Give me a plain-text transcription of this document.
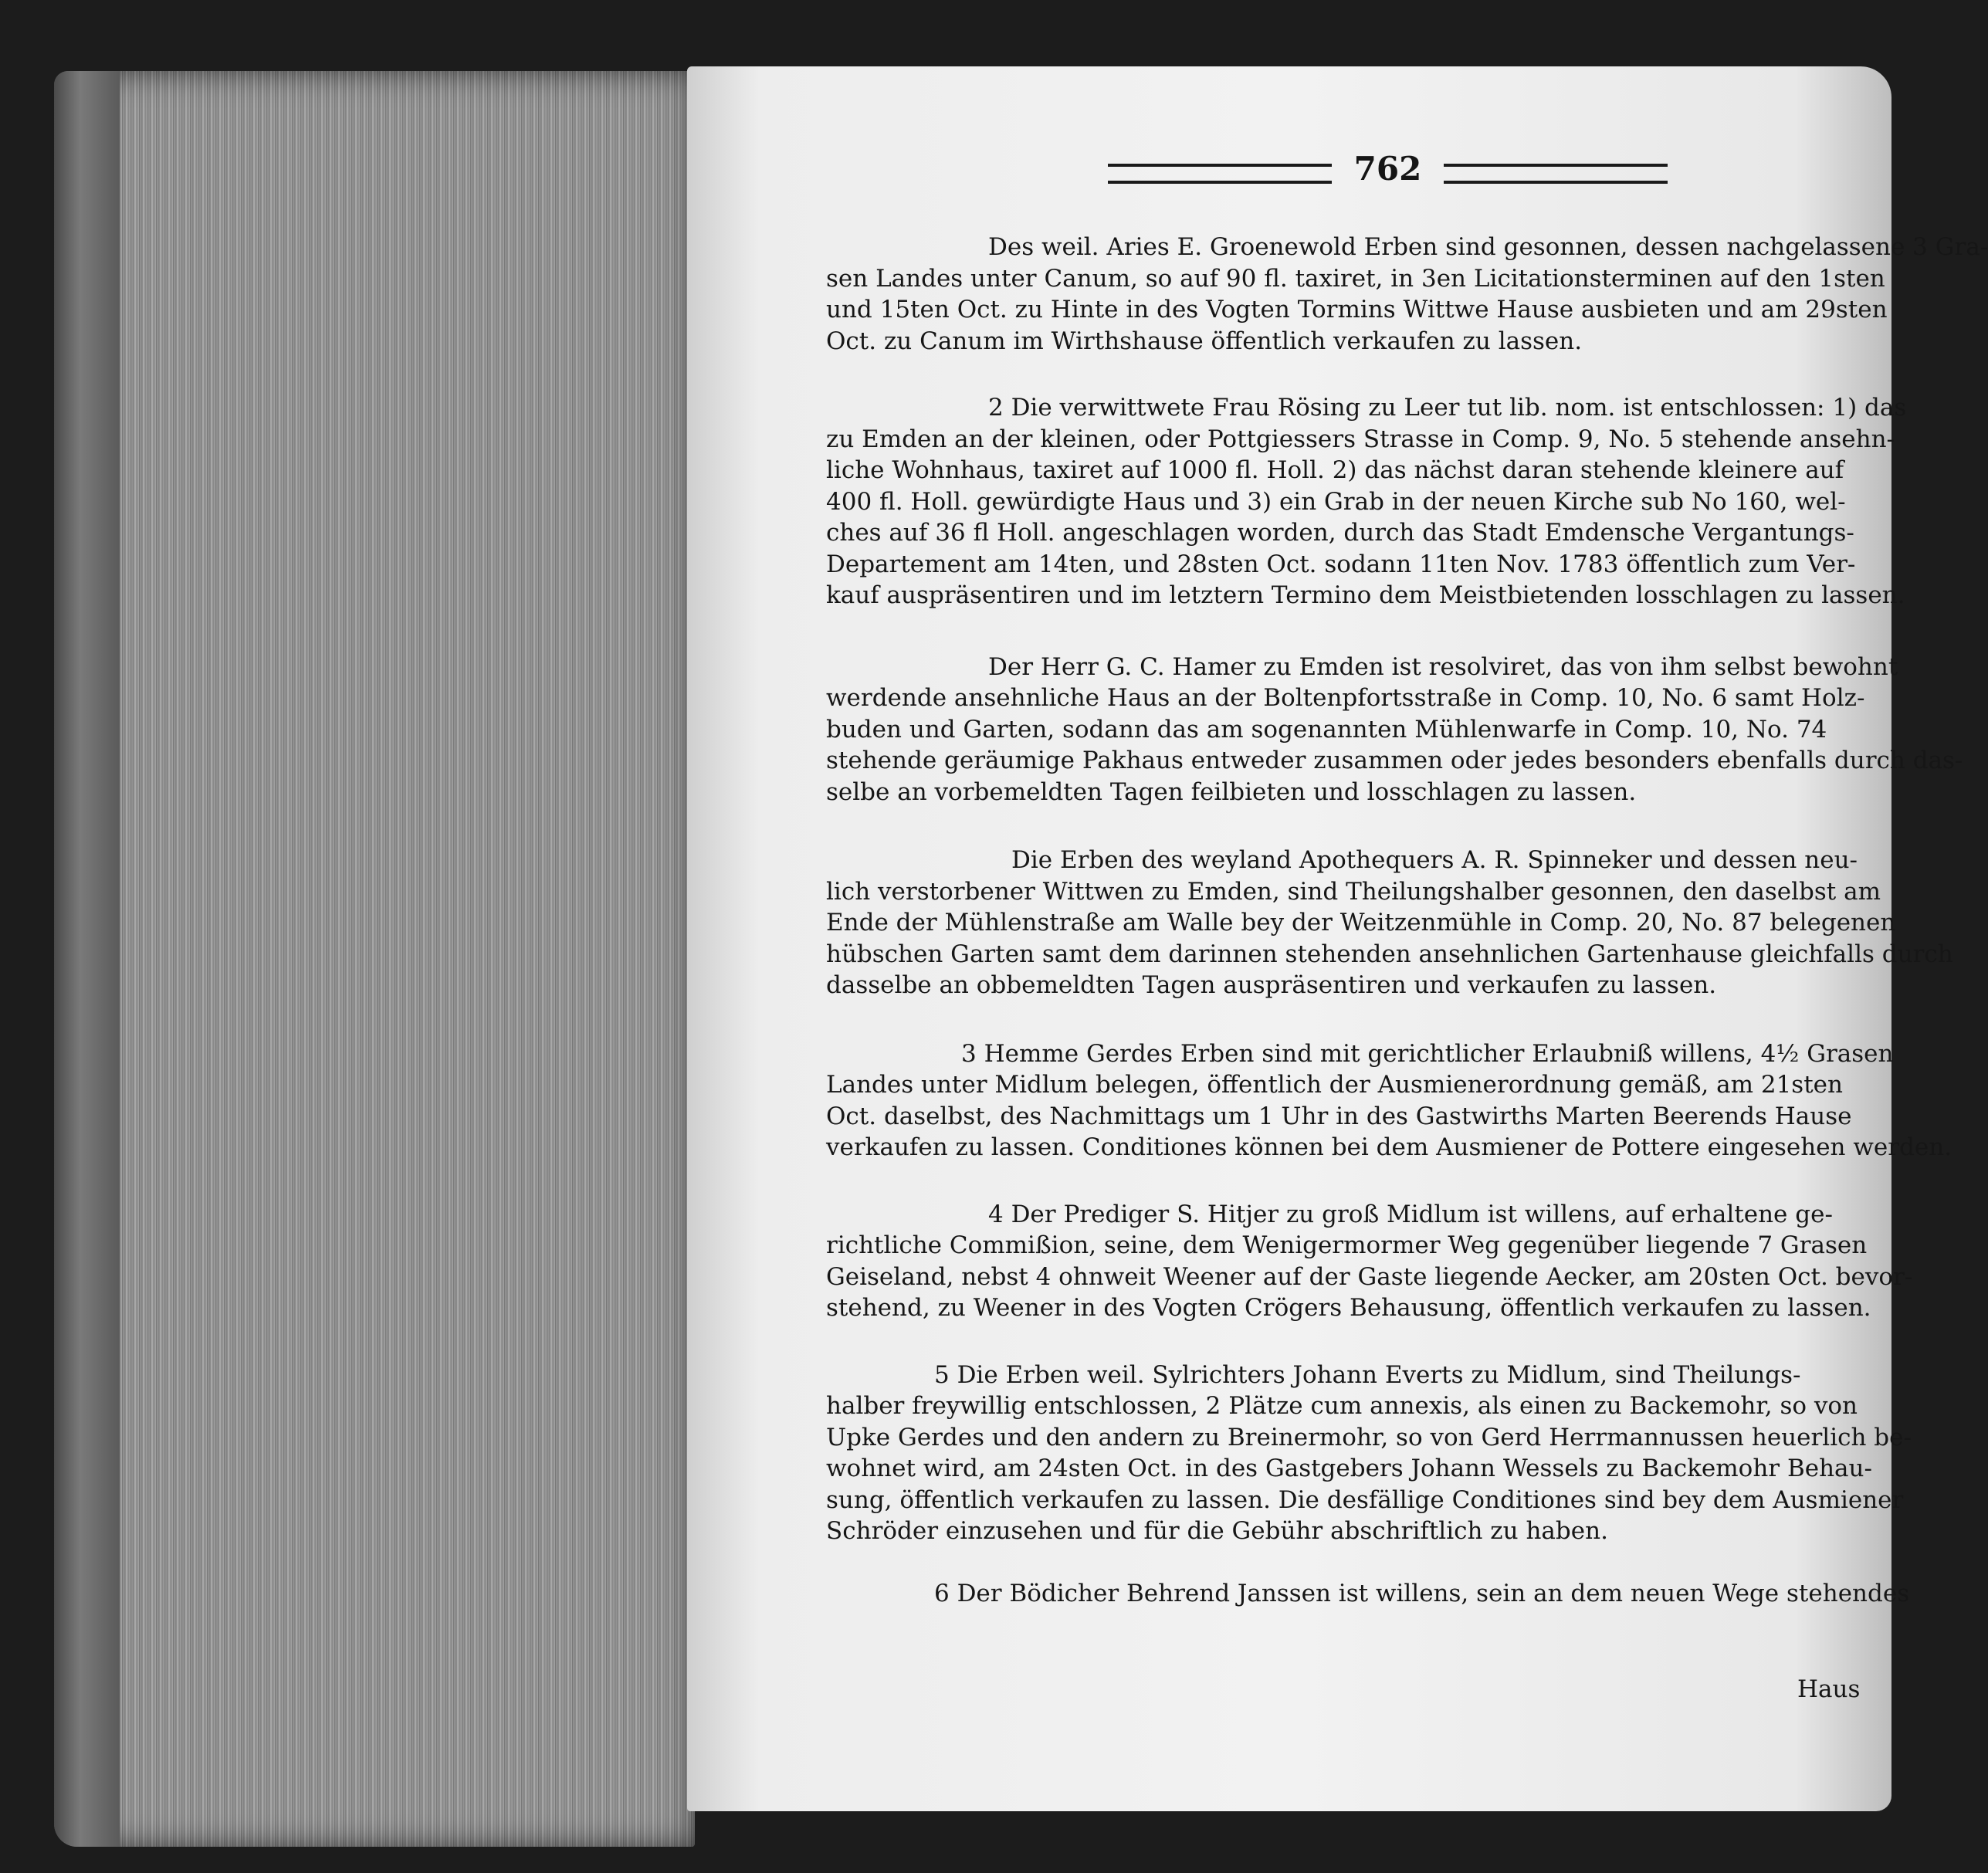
762
Des weil. Aries E. Groenewold Erben sind gesonnen, dessen nachgelassene 3 Gra-
sen Landes unter Canum, so auf 90 fl. taxiret, in 3en Licitationsterminen auf den 1sten
und 15ten Oct. zu Hinte in des Vogten Tormins Wittwe Hause ausbieten und am 29sten
Oct. zu Canum im Wirthshause öffentlich verkaufen zu lassen.
2 Die verwittwete Frau Rösing zu Leer tut lib. nom. ist entschlossen: 1) das
zu Emden an der kleinen, oder Pottgiessers Strasse in Comp. 9, No. 5 stehende ansehn-
liche Wohnhaus, taxiret auf 1000 fl. Holl. 2) das nächst daran stehende kleinere auf
400 fl. Holl. gewürdigte Haus und 3) ein Grab in der neuen Kirche sub No 160, wel-
ches auf 36 fl Holl. angeschlagen worden, durch das Stadt Emdensche Vergantungs-
Departement am 14ten, und 28sten Oct. sodann 11ten Nov. 1783 öffentlich zum Ver-
kauf auspräsentiren und im letztern Termino dem Meistbietenden losschlagen zu lassen.
Der Herr G. C. Hamer zu Emden ist resolviret, das von ihm selbst bewohnt
werdende ansehnliche Haus an der Boltenpfortsstraße in Comp. 10, No. 6 samt Holz-
buden und Garten, sodann das am sogenannten Mühlenwarfe in Comp. 10, No. 74
stehende geräumige Pakhaus entweder zusammen oder jedes besonders ebenfalls durch das-
selbe an vorbemeldten Tagen feilbieten und losschlagen zu lassen.
Die Erben des weyland Apothequers A. R. Spinneker und dessen neu-
lich verstorbener Wittwen zu Emden, sind Theilungshalber gesonnen, den daselbst am
Ende der Mühlenstraße am Walle bey der Weitzenmühle in Comp. 20, No. 87 belegenen
hübschen Garten samt dem darinnen stehenden ansehnlichen Gartenhause gleichfalls durch
dasselbe an obbemeldten Tagen auspräsentiren und verkaufen zu lassen.
3 Hemme Gerdes Erben sind mit gerichtlicher Erlaubniß willens, 4½ Grasen
Landes unter Midlum belegen, öffentlich der Ausmienerordnung gemäß, am 21sten
Oct. daselbst, des Nachmittags um 1 Uhr in des Gastwirths Marten Beerends Hause
verkaufen zu lassen. Conditiones können bei dem Ausmiener de Pottere eingesehen werden.
4 Der Prediger S. Hitjer zu groß Midlum ist willens, auf erhaltene ge-
richtliche Commißion, seine, dem Wenigermormer Weg gegenüber liegende 7 Grasen
Geiseland, nebst 4 ohnweit Weener auf der Gaste liegende Aecker, am 20sten Oct. bevor-
stehend, zu Weener in des Vogten Crögers Behausung, öffentlich verkaufen zu lassen.
5 Die Erben weil. Sylrichters Johann Everts zu Midlum, sind Theilungs-
halber freywillig entschlossen, 2 Plätze cum annexis, als einen zu Backemohr, so von
Upke Gerdes und den andern zu Breinermohr, so von Gerd Herrmannussen heuerlich be-
wohnet wird, am 24sten Oct. in des Gastgebers Johann Wessels zu Backemohr Behau-
sung, öffentlich verkaufen zu lassen. Die desfällige Conditiones sind bey dem Ausmiener
Schröder einzusehen und für die Gebühr abschriftlich zu haben.
6 Der Bödicher Behrend Janssen ist willens, sein an dem neuen Wege stehendes
Haus
